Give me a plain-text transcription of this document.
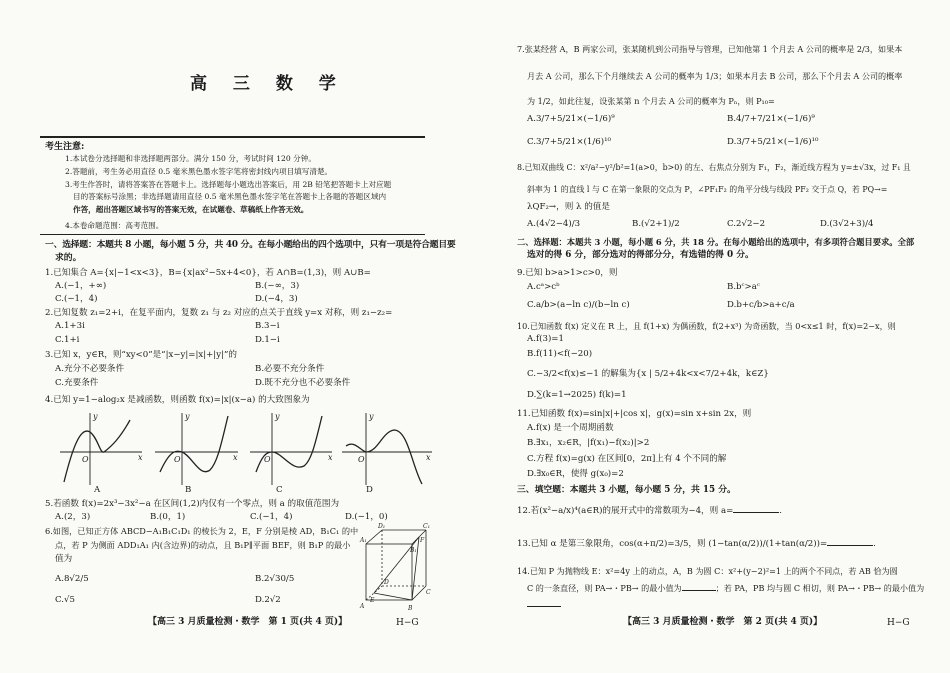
高 三 数 学
考生注意:
1.本试卷分选择题和非选择题两部分。满分 150 分，考试时间 120 分钟。
2.答题前，考生务必用直径 0.5 毫米黑色墨水签字笔将密封线内项目填写清楚。
3.考生作答时，请将答案答在答题卡上。选择题每小题选出答案后，用 2B 铅笔把答题卡上对应题
目的答案标号涂黑；非选择题请用直径 0.5 毫米黑色墨水签字笔在答题卡上各题的答题区域内
作答，超出答题区域书写的答案无效，在试题卷、草稿纸上作答无效。
4.本卷命题范围：高考范围。
一、选择题：本题共 8 小题，每小题 5 分，共 40 分。在每小题给出的四个选项中，只有一项是符合题目要
求的。
1.已知集合 A={x|−1<x<3}，B={x|ax²−5x+4<0}，若 A∩B=(1,3)，则 A∪B=
A.(−1，+∞)	B.(−∞，3)
C.(−1，4)	D.(−4，3)
2.已知复数 z₁=2+i，在复平面内，复数 z₁ 与 z₂ 对应的点关于直线 y=x 对称，则 z₁−z₂=
A.1+3i	B.3−i
C.1+i	D.1−i
3.已知 x，y∈R，则“xy<0”是“|x−y|=|x|+|y|”的
A.充分不必要条件	B.必要不充分条件
C.充要条件	D.既不充分也不必要条件
4.已知 y=1−alog₂x 是减函数，则函数 f(x)=|x|(x−a) 的大致图象为
x
y
O	x
y
O	x
y
O	x
y
O
A	B	C	D
5.若函数 f(x)=2x³−3x²−a 在区间(1,2)内仅有一个零点，则 a 的取值范围为
A.(2，3)	B.(0，1)	C.(−1，4)	D.(−1，0)
6.如图，已知正方体 ABCD−A₁B₁C₁D₁ 的棱长为 2，E，F 分别是棱 AD，B₁C₁ 的中
点，若 P 为侧面 ADD₁A₁ 内(含边界)的动点，且 B₁P∥平面 BEF，则 B₁P 的最小
值为
A.8√2/5	B.2√30/5
C.√5	D.2√2
A₁
B₁
C₁
D₁
A	B
C
D
E
F
【高三 3 月质量检测・数学　第 1 页(共 4 页)】	H−G
7.张某经营 A，B 两家公司，张某随机到公司指导与管理，已知他第 1 个月去 A 公司的概率是 2/3，如果本
月去 A 公司，那么下个月继续去 A 公司的概率为 1/3；如果本月去 B 公司，那么下个月去 A 公司的概率
为 1/2，如此往复，设张某第 n 个月去 A 公司的概率为 Pₙ，则 P₁₀=
A.3/7+5/21×(−1/6)⁹	B.4/7+7/21×(−1/6)⁹
C.3/7+5/21×(1/6)¹⁰	D.3/7+5/21×(−1/6)¹⁰
8.已知双曲线 C：x²/a²−y²/b²=1(a>0，b>0) 的左、右焦点分别为 F₁，F₂，渐近线方程为 y=±√3x，过 F₁ 且
斜率为 1 的直线 l 与 C 在第一象限的交点为 P，∠PF₁F₂ 的角平分线与线段 PF₂ 交于点 Q，若 PQ→=
λQF₂→，则 λ 的值是
A.(4√2−4)/3	B.(√2+1)/2	C.2√2−2	D.(3√2+3)/4
二、选择题：本题共 3 小题，每小题 6 分，共 18 分。在每小题给出的选项中，有多项符合题目要求。全部
选对的得 6 分，部分选对的得部分分，有选错的得 0 分。
9.已知 b>a>1>c>0，则
A.cᵃ>cᵇ	B.bᶜ>aᶜ
C.a/b>(a−ln c)/(b−ln c)	D.b+c/b>a+c/a
10.已知函数 f(x) 定义在 R 上，且 f(1+x) 为偶函数，f(2+x³) 为奇函数，当 0<x≤1 时，f(x)=2−x，则
A.f(3)=1
B.f(11)<f(−20)
C.−3/2<f(x)≤−1 的解集为{x | 5/2+4k<x<7/2+4k，k∈Z}
D.∑(k=1→2025) f(k)=1
11.已知函数 f(x)=sin|x|+|cos x|，g(x)=sin x+sin 2x，则
A.f(x) 是一个周期函数
B.∃x₁，x₂∈R，|f(x₁)−f(x₂)|>2
C.方程 f(x)=g(x) 在区间[0，2π]上有 4 个不同的解
D.∃x₀∈R，使得 g(x₀)=2
三、填空题：本题共 3 小题，每小题 5 分，共 15 分。
12.若(x²−a/x)⁴(a∈R)的展开式中的常数项为−4，则 a=	.
13.已知 α 是第三象限角，cos(α+π/2)=3/5，则 (1−tan(α/2))/(1+tan(α/2))=	.
14.已知 P 为抛物线 E：x²=4y 上的动点，A，B 为圆 C：x²+(y−2)²=1 上的两个不同点，若 AB 恰为圆
C 的一条直径，则 PA→・PB→ 的最小值为	；若 PA，PB 均与圆 C 相切，则 PA→・PB→ 的最小值为
【高三 3 月质量检测・数学　第 2 页(共 4 页)】	H−G
